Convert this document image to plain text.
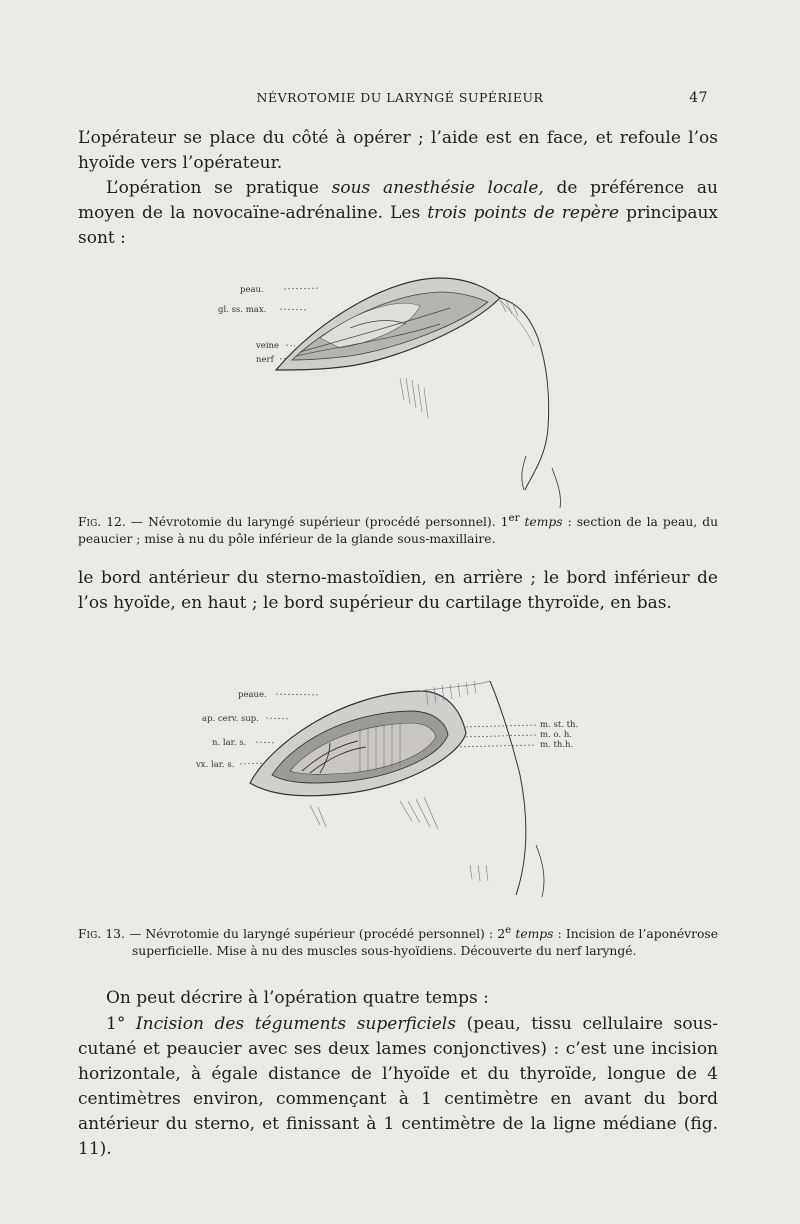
NÉVROTOMIE DU LARYNGÉ SUPÉRIEUR	47

L’opérateur se place du côté à opérer ; l’aide est en face, et refoule l’os hyoïde vers l’opérateur.

L’opération se pratique sous anesthésie locale, de préférence au moyen de la novocaïne-adrénaline. Les trois points de repère principaux sont :

peau.
gl. ss. max.
veine
nerf

Fig. 12. — Névrotomie du laryngé supérieur (procédé personnel). 1er temps : section de la peau, du peaucier ; mise à nu du pôle inférieur de la glande sous-maxillaire.

le bord antérieur du sterno-mastoïdien, en arrière ; le bord inférieur de l’os hyoïde, en haut ; le bord supérieur du cartilage thyroïde, en bas.

peaue.
ap. cerv. sup.
n. lar. s.
vx. lar. s.
m. st. th.
m. o. h.
m. th.h.

Fig. 13. — Névrotomie du laryngé supérieur (procédé personnel) : 2e temps : Incision de l’aponévrose superficielle. Mise à nu des muscles sous-hyoïdiens. Découverte du nerf laryngé.

On peut décrire à l’opération quatre temps :

1° Incision des téguments superficiels (peau, tissu cellulaire sous-cutané et peaucier avec ses deux lames conjonctives) : c’est une incision horizontale, à égale distance de l’hyoïde et du thyroïde, longue de 4 centimètres environ, commençant à 1 centimètre en avant du bord antérieur du sterno, et finissant à 1 centimètre de la ligne médiane (fig. 11).
